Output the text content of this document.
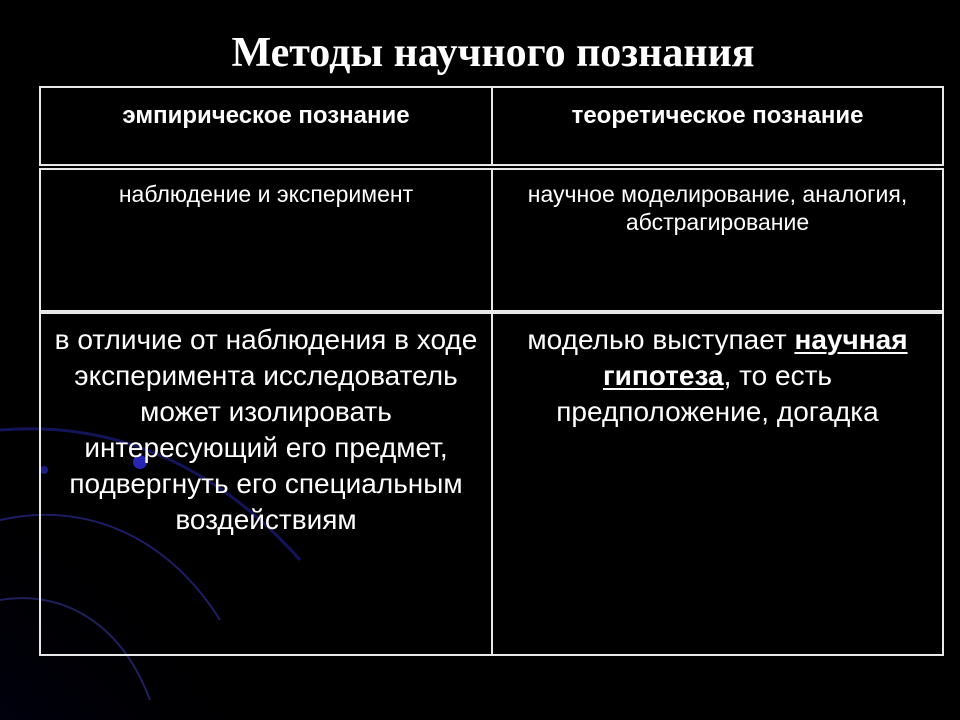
Методы научного познания
эмпирическое познание	теоретическое познание
наблюдение и эксперимент	научное моделирование, аналогия, абстрагирование
в отличие от наблюдения в ходе эксперимента исследователь может изолировать интересующий его предмет, подвергнуть его специальным воздействиям
моделью выступает научная гипотеза, то есть предположение, догадка
